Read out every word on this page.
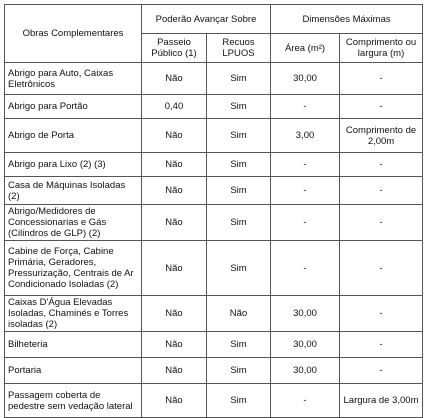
Obras Complementares	Poderão Avançar Sobre		Dimensões Máximas	
	Passeio Público (1)	Recuos LPUOS	Área (m²)	Comprimento ou largura (m)
Abrigo para Auto, Caixas Eletrônicos	Não	Sim	30,00	-
Abrigo para Portão	0,40	Sim	-	-
Abrigo de Porta	Não	Sim	3,00	Comprimento de 2,00m
Abrigo para Lixo (2) (3)	Não	Sim	-	-
Casa de Máquinas Isoladas (2)	Não	Sim	-	-
Abrigo/Medidores de Concessionarias e Gás (Cilindros de GLP) (2)	Não	Sim	-	-
Cabine de Força, Cabine Primária, Geradores, Pressurização, Centrais de Ar Condicionado Isoladas (2)	Não	Sim	-	-
Caixas D'Água Elevadas Isoladas, Chaminés e Torres isoladas (2)	Não	Não	30,00	-
Bilheteria	Não	Sim	30,00	-
Portaria	Não	Sim	30,00	-
Passagem coberta de pedestre sem vedação lateral	Não	Sim	-	Largura de 3,00m
